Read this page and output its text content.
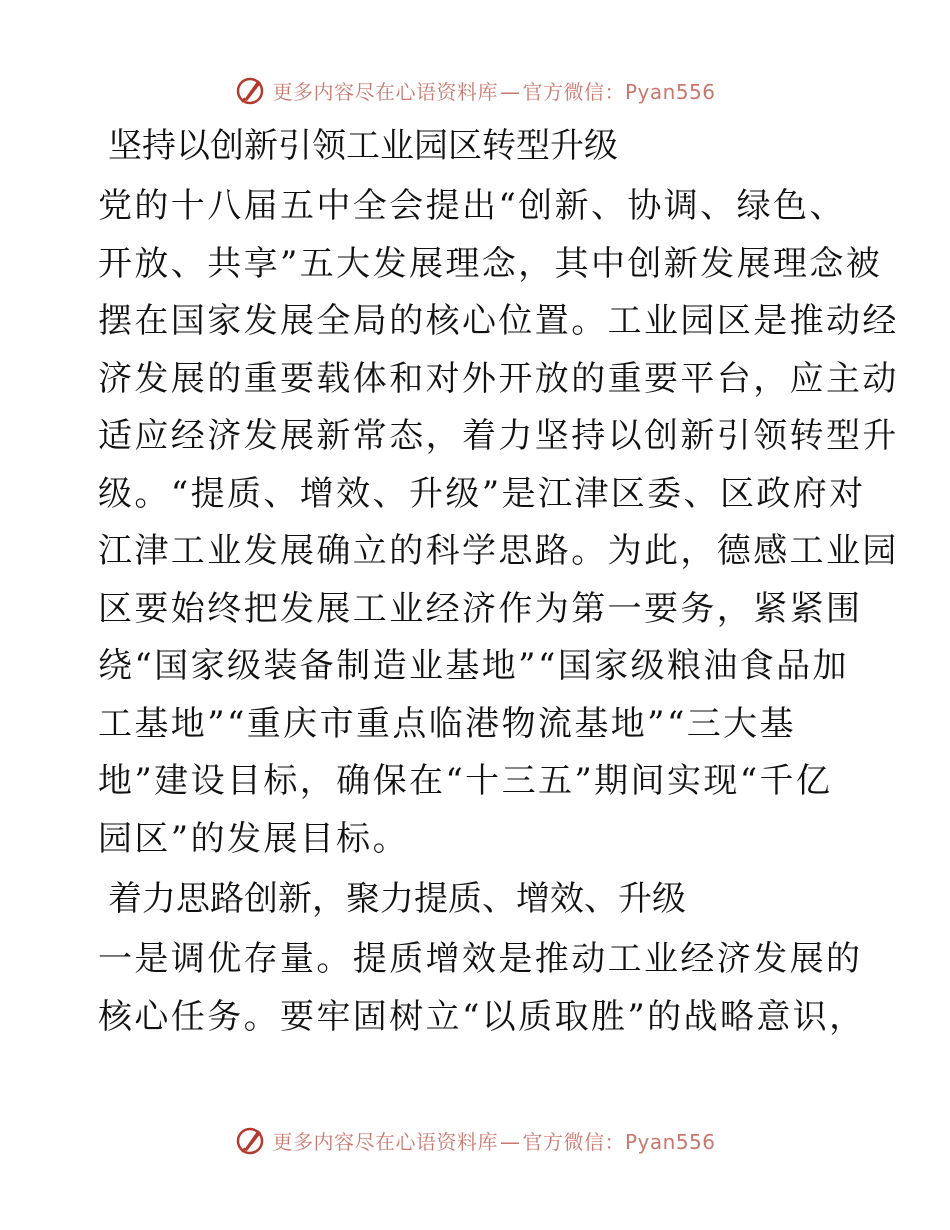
更多内容尽在心语资料库 — 官方微信：Pyan556
坚持以创新引领工业园区转型升级

党的十八届五中全会提出“创新、协调、绿色、
开放、共享”五大发展理念，其中创新发展理念被
摆在国家发展全局的核心位置。工业园区是推动经
济发展的重要载体和对外开放的重要平台，应主动
适应经济发展新常态，着力坚持以创新引领转型升
级。“提质、增效、升级”是江津区委、区政府对
江津工业发展确立的科学思路。为此，德感工业园
区要始终把发展工业经济作为第一要务，紧紧围
绕“国家级装备制造业基地”“国家级粮油食品加
工基地”“重庆市重点临港物流基地”“三大基
地”建设目标，确保在“十三五”期间实现“千亿
园区”的发展目标。

着力思路创新，聚力提质、增效、升级

一是调优存量。提质增效是推动工业经济发展的
核心任务。要牢固树立“以质取胜”的战略意识，

更多内容尽在心语资料库 — 官方微信：Pyan556
